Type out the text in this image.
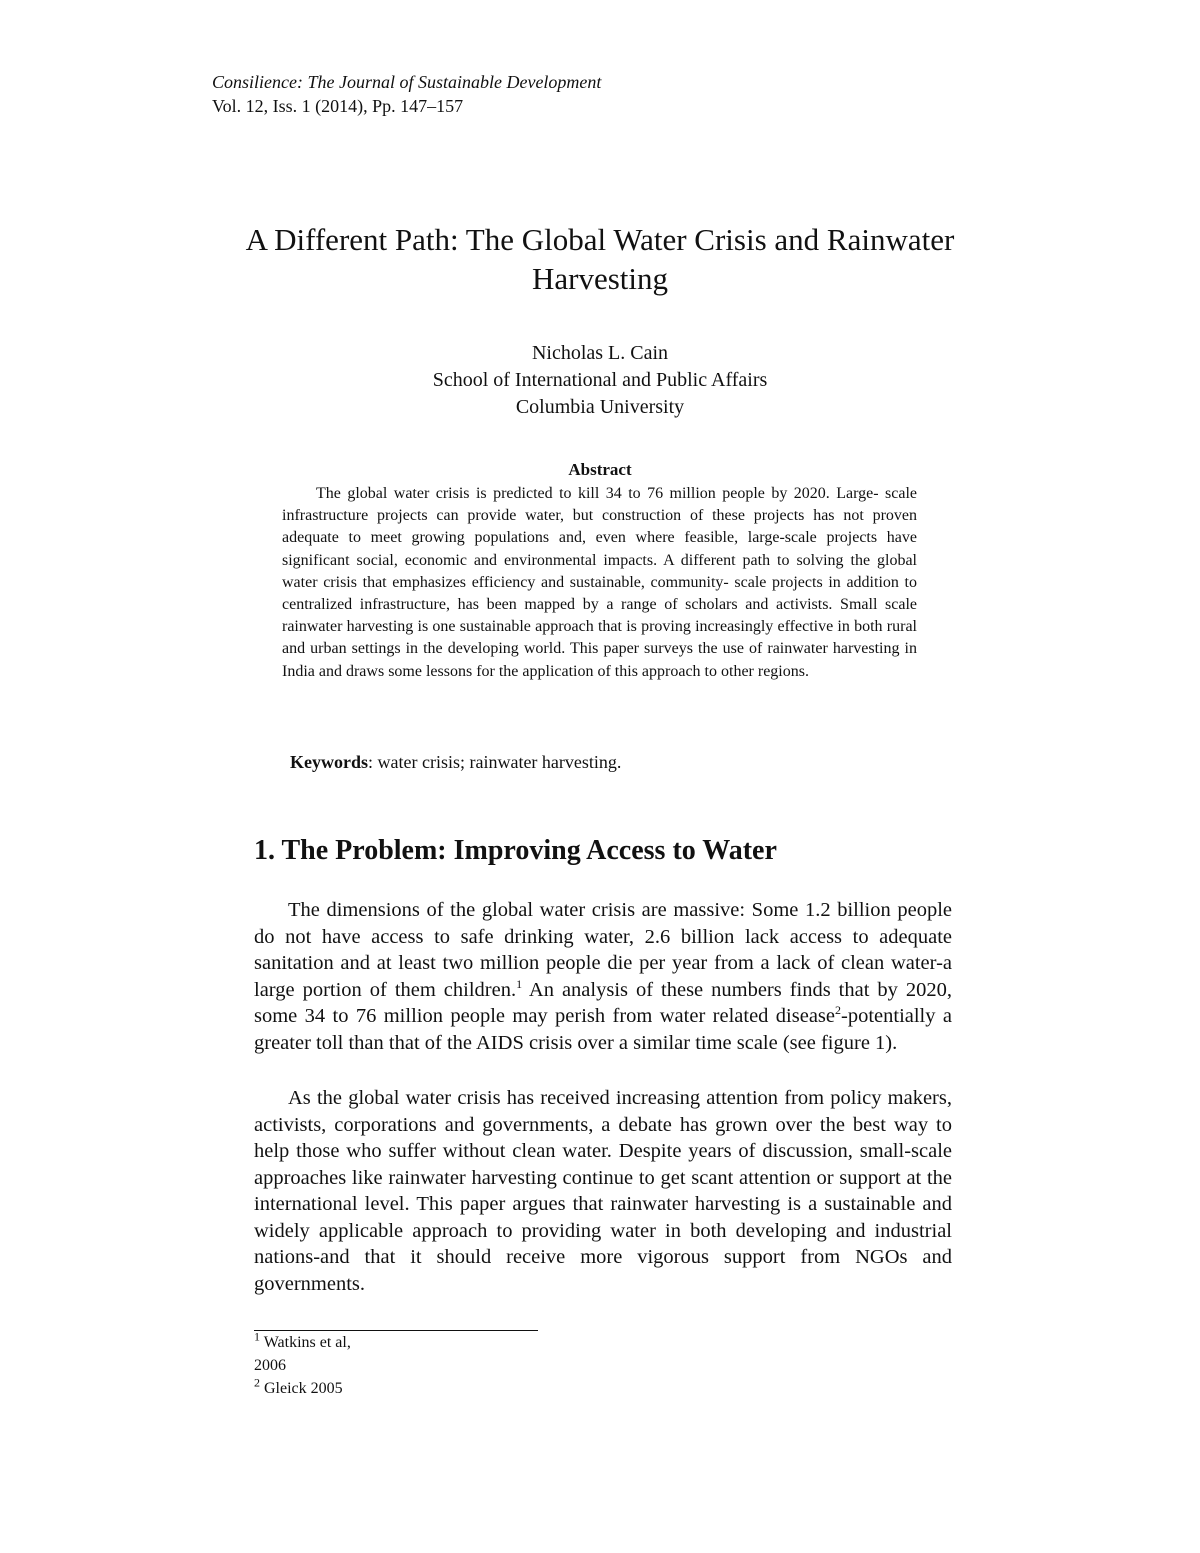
Consilience: The Journal of Sustainable Development
Vol. 12, Iss. 1 (2014), Pp. 147–157
A Different Path: The Global Water Crisis and Rainwater
Harvesting
Nicholas L. Cain
School of International and Public Affairs
Columbia University
Abstract
The global water crisis is predicted to kill 34 to 76 million people by 2020. Large- scale infrastructure projects can provide water, but construction of these projects has not proven adequate to meet growing populations and, even where feasible, large-scale projects have significant social, economic and environmental impacts. A different path to solving the global water crisis that emphasizes efficiency and sustainable, community- scale projects in addition to centralized infrastructure, has been mapped by a range of scholars and activists. Small scale rainwater harvesting is one sustainable approach that is proving increasingly effective in both rural and urban settings in the developing world. This paper surveys the use of rainwater harvesting in India and draws some lessons for the application of this approach to other regions.
Keywords: water crisis; rainwater harvesting.
1. The Problem: Improving Access to Water
The dimensions of the global water crisis are massive: Some 1.2 billion people do not have access to safe drinking water, 2.6 billion lack access to adequate sanitation and at least two million people die per year from a lack of clean water-a large portion of them children.$^1$ An analysis of these numbers finds that by 2020, some 34 to 76 million people may perish from water related disease$^2$-potentially a greater toll than that of the AIDS crisis over a similar time scale (see figure 1).
As the global water crisis has received increasing attention from policy makers, activists, corporations and governments, a debate has grown over the best way to help those who suffer without clean water. Despite years of discussion, small-scale approaches like rainwater harvesting continue to get scant attention or support at the international level. This paper argues that rainwater harvesting is a sustainable and widely applicable approach to providing water in both developing and industrial nations-and that it should receive more vigorous support from NGOs and governments.
$^1$ Watkins et al,
2006
$^2$ Gleick 2005
